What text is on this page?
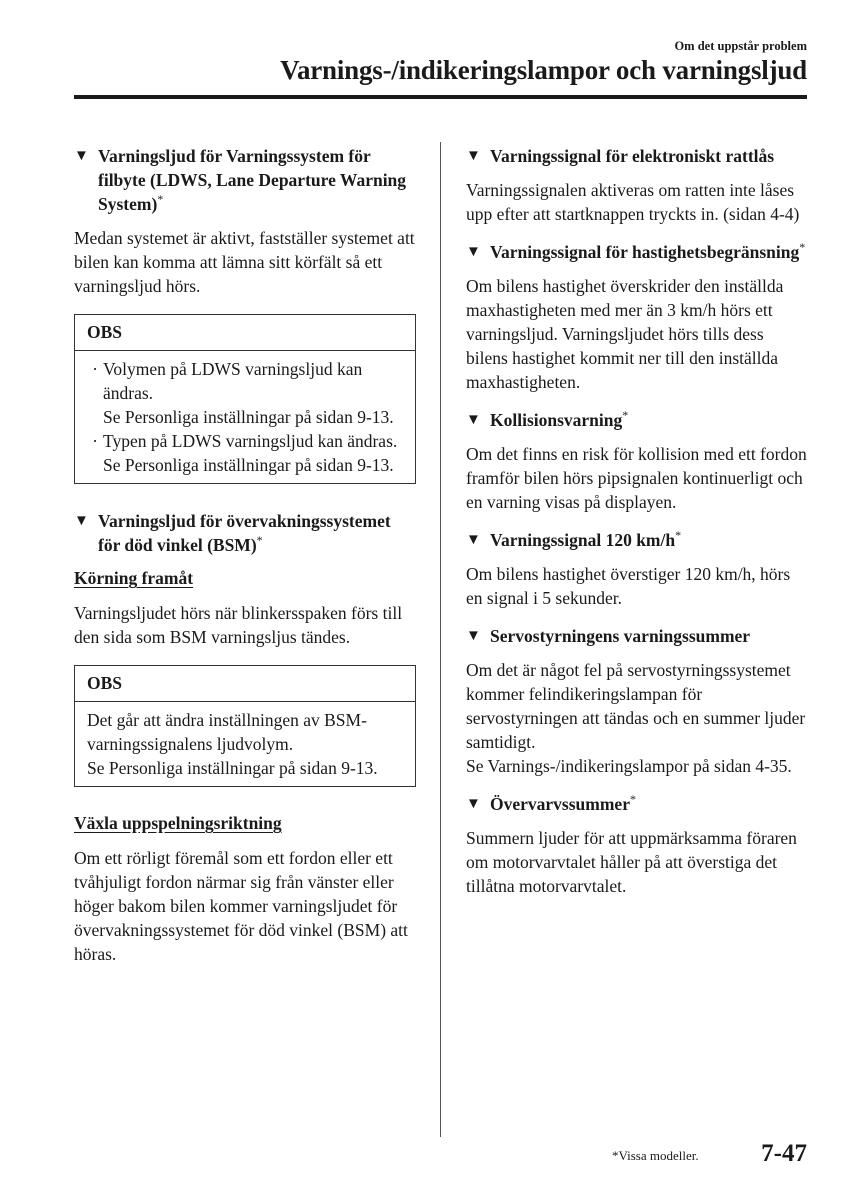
Om det uppstår problem
Varnings-/indikeringslampor och varningsljud
▼ Varningsljud för Varningssystem för filbyte (LDWS, Lane Departure Warning System)*

Medan systemet är aktivt, fastställer systemet att bilen kan komma att lämna sitt körfält så ett varningsljud hörs.

OBS
· Volymen på LDWS varningsljud kan ändras.
Se Personliga inställningar på sidan 9-13.
· Typen på LDWS varningsljud kan ändras.
Se Personliga inställningar på sidan 9-13.
▼ Varningsljud för övervakningssystemet för död vinkel (BSM)*
Körning framåt

Varningsljudet hörs när blinkersspaken förs till den sida som BSM varningsljus tändes.

OBS
Det går att ändra inställningen av BSM-varningssignalens ljudvolym.
Se Personliga inställningar på sidan 9-13.
Växla uppspelningsriktning

Om ett rörligt föremål som ett fordon eller ett tvåhjuligt fordon närmar sig från vänster eller höger bakom bilen kommer varningsljudet för övervakningssystemet för död vinkel (BSM) att höras.

▼ Varningssignal för elektroniskt rattlås

Varningssignalen aktiveras om ratten inte låses upp efter att startknappen tryckts in. (sidan 4-4)

▼ Varningssignal för hastighetsbegränsning*

Om bilens hastighet överskrider den inställda maxhastigheten med mer än 3 km/h hörs ett varningsljud. Varningsljudet hörs tills dess bilens hastighet kommit ner till den inställda maxhastigheten.

▼ Kollisionsvarning*

Om det finns en risk för kollision med ett fordon framför bilen hörs pipsignalen kontinuerligt och en varning visas på displayen.

▼ Varningssignal 120 km/h*

Om bilens hastighet överstiger 120 km/h, hörs en signal i 5 sekunder.

▼ Servostyrningens varningssummer

Om det är något fel på servostyrningssystemet kommer felindikeringslampan för servostyrningen att tändas och en summer ljuder samtidigt.
Se Varnings-/indikeringslampor på sidan 4-35.

▼ Övervarvssummer*

Summern ljuder för att uppmärksamma föraren om motorvarvtalet håller på att överstiga det tillåtna motorvarvtalet.

*Vissa modeller.	7-47
